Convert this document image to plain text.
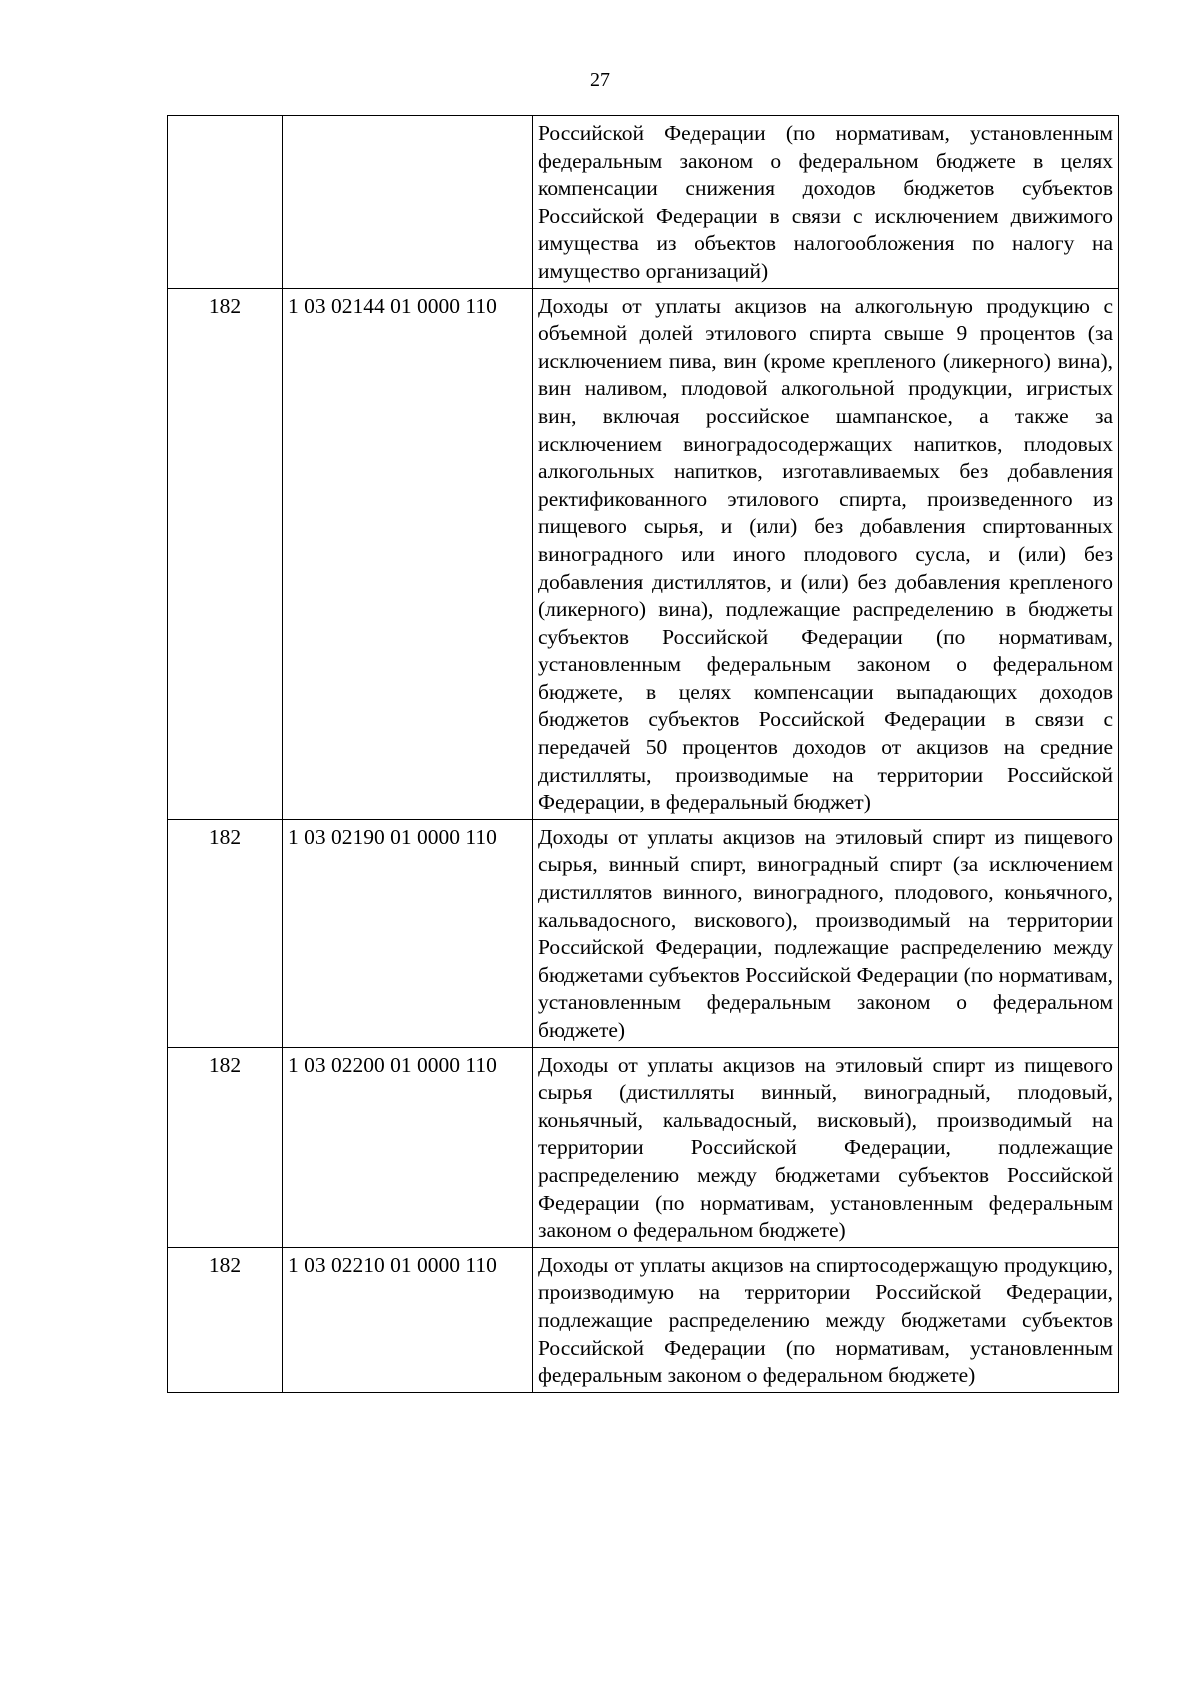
27
		Российской Федерации (по нормативам, установленным федеральным законом о федеральном бюджете в целях компенсации снижения доходов бюджетов субъектов Российской Федерации в связи с исключением движимого имущества из объектов налогообложения по налогу на имущество организаций)
182	1 03 02144 01 0000 110	Доходы от уплаты акцизов на алкогольную продукцию с объемной долей этилового спирта свыше 9 процентов (за исключением пива, вин (кроме крепленого (ликерного) вина), вин наливом, плодовой алкогольной продукции, игристых вин, включая российское шампанское, а также за исключением виноградосодержащих напитков, плодовых алкогольных напитков, изготавливаемых без добавления ректификованного этилового спирта, произведенного из пищевого сырья, и (или) без добавления спиртованных виноградного или иного плодового сусла, и (или) без добавления дистиллятов, и (или) без добавления крепленого (ликерного) вина), подлежащие распределению в бюджеты субъектов Российской Федерации (по нормативам, установленным федеральным законом о федеральном бюджете, в целях компенсации выпадающих доходов бюджетов субъектов Российской Федерации в связи с передачей 50 процентов доходов от акцизов на средние дистилляты, производимые на территории Российской Федерации, в федеральный бюджет)
182	1 03 02190 01 0000 110	Доходы от уплаты акцизов на этиловый спирт из пищевого сырья, винный спирт, виноградный спирт (за исключением дистиллятов винного, виноградного, плодового, коньячного, кальвадосного, вискового), производимый на территории Российской Федерации, подлежащие распределению между бюджетами субъектов Российской Федерации (по нормативам, установленным федеральным законом о федеральном бюджете)
182	1 03 02200 01 0000 110	Доходы от уплаты акцизов на этиловый спирт из пищевого сырья (дистилляты винный, виноградный, плодовый, коньячный, кальвадосный, висковый), производимый на территории Российской Федерации, подлежащие распределению между бюджетами субъектов Российской Федерации (по нормативам, установленным федеральным законом о федеральном бюджете)
182	1 03 02210 01 0000 110	Доходы от уплаты акцизов на спиртосодержащую продукцию, производимую на территории Российской Федерации, подлежащие распределению между бюджетами субъектов Российской Федерации (по нормативам, установленным федеральным законом о федеральном бюджете)
